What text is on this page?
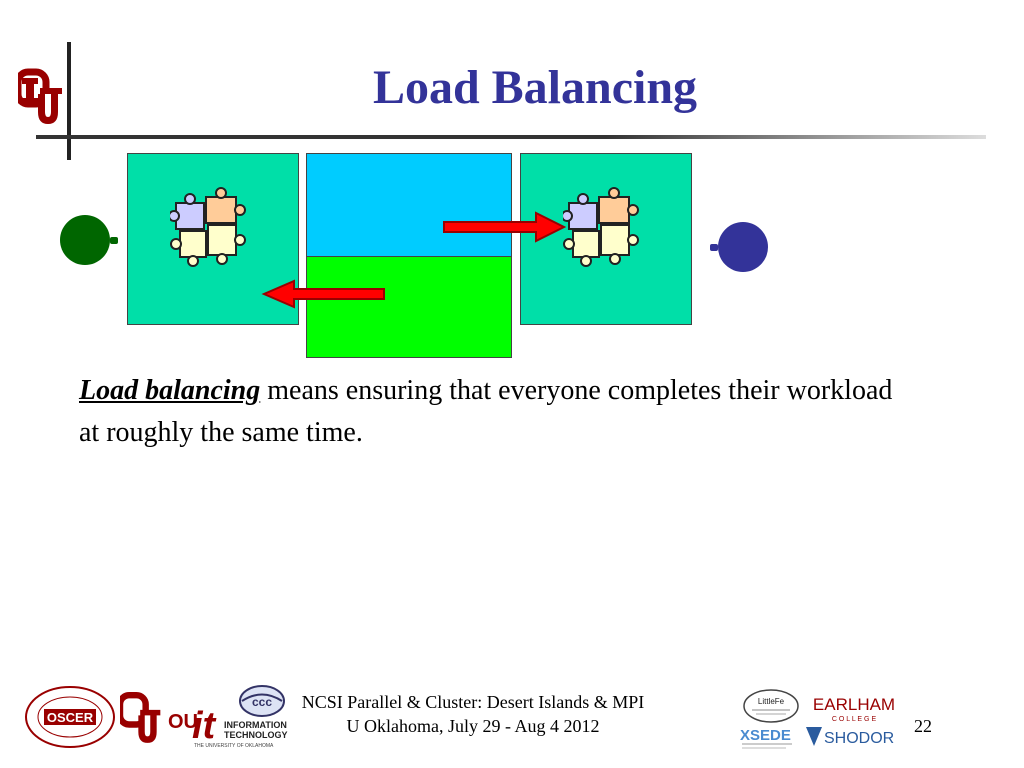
Load Balancing
Load balancing means ensuring that everyone completes their workload at roughly the same time.
OSCER	OU
it INFORMATION
TECHNOLOGY
THE UNIVERSITY OF OKLAHOMA
ccc	NCSI Parallel & Cluster: Desert Islands & MPI
U Oklahoma, July 29 - Aug 4 2012
LittleFe EARLHAM
C O L L E G E
XSEDE SHODOR
22
